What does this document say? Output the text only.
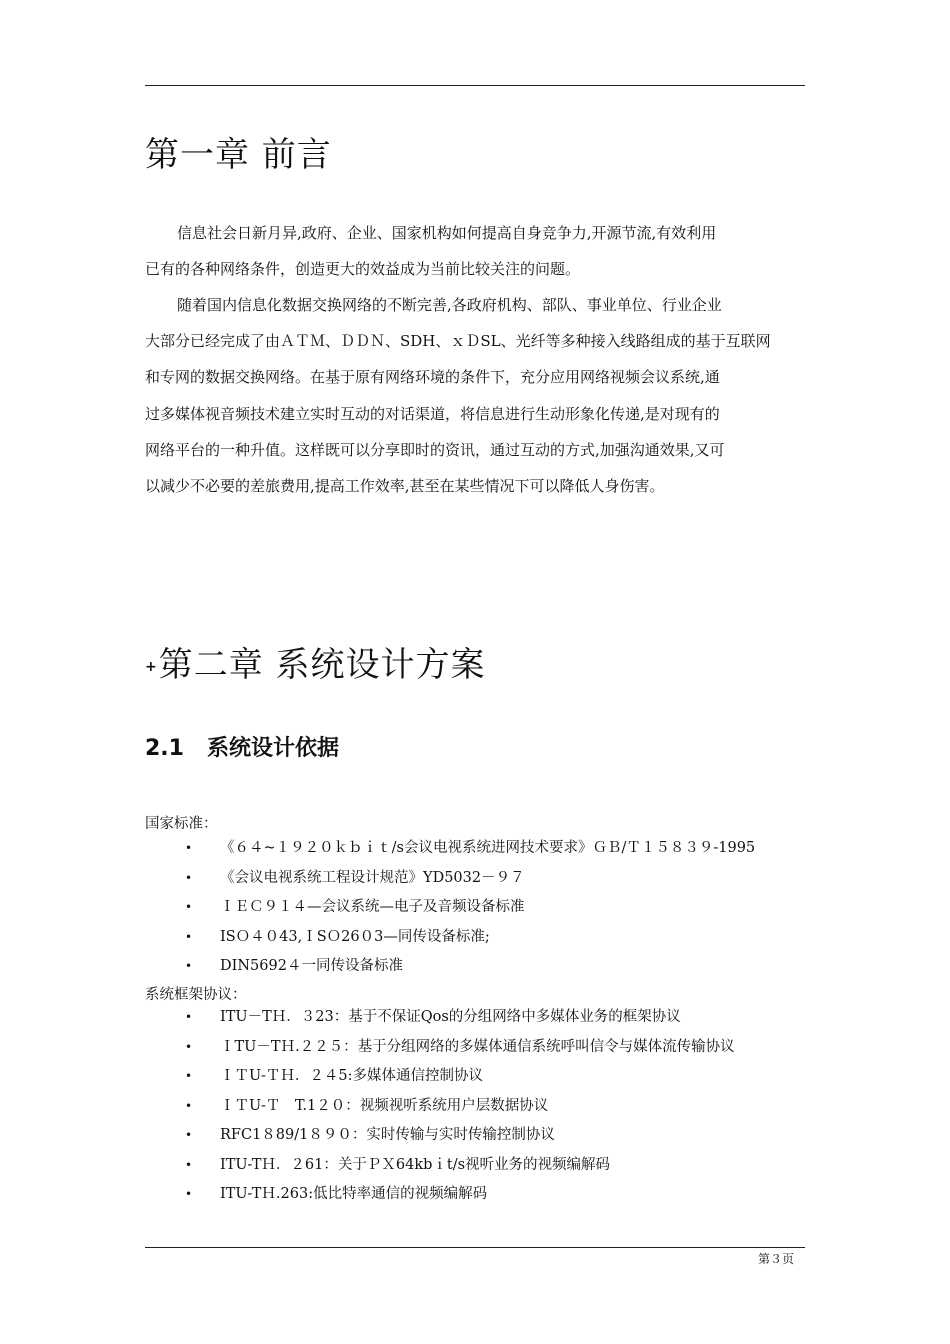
第一章 前言
信息社会日新月异,政府、企业、国家机构如何提高自身竞争力,开源节流,有效利用
已有的各种网络条件，创造更大的效益成为当前比较关注的问题。
随着国内信息化数据交换网络的不断完善,各政府机构、部队、事业单位、行业企业
大部分已经完成了由ＡＴＭ、ＤＤＮ、SDH、ｘＤSL、光纤等多种接入线路组成的基于互联网
和专网的数据交换网络。在基于原有网络环境的条件下，充分应用网络视频会议系统,通
过多媒体视音频技术建立实时互动的对话渠道，将信息进行生动形象化传递,是对现有的
网络平台的一种升值。这样既可以分享即时的资讯，通过互动的方式,加强沟通效果,又可
以减少不必要的差旅费用,提高工作效率,甚至在某些情况下可以降低人身伤害。
+第二章 系统设计方案
2.1 系统设计依据
国家标准：
• 《６４~１９２０ｋｂｉｔ/s会议电视系统进网技术要求》ＧＢ/Ｔ１５８３９-1995
• 《会议电视系统工程设计规范》YD5032－９７
• ＩＥＣ９１４—会议系统—电子及音频设备标准
• ISＯ４０43,ＩSＯ26０3—同传设备标准;
• DIN5692４一同传设备标准
系统框架协议：
• ITU－TＨ．３23：基于不保证Qos的分组网络中多媒体业务的框架协议
• ＩTU－TＨ.２２５：基于分组网络的多媒体通信系统呼叫信令与媒体流传输协议
• ＩＴU-ＴＨ．２４5:多媒体通信控制协议
• ＩＴU-Ｔ　T.1２０：视频视听系统用户层数据协议
• RFC1８89/1８９０：实时传输与实时传输控制协议
• ITU-TＨ．２61：关于ＰＸ64kbｉt/s视听业务的视频编解码
• ITU-TＨ.263:低比特率通信的视频编解码
第３页
